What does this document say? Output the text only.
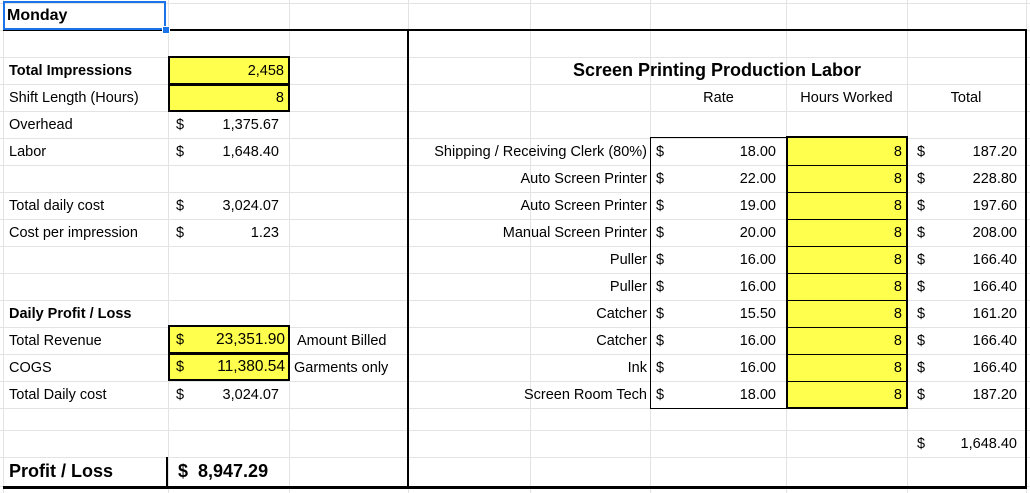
Monday
Total Impressions	2,458
Shift Length (Hours)	8
Overhead	$	1,375.67
Labor	$	1,648.40
Total daily cost	$	3,024.07
Cost per impression	$	1.23
Daily Profit / Loss
Total Revenue	$	23,351.90 Amount Billed
COGS	$	11,380.54 Garments only
Total Daily cost	$	3,024.07
Profit / Loss	$  8,947.29
Screen Printing Production Labor
Rate	Hours Worked	Total
Shipping / Receiving Clerk (80%) $	18.00	8 $	187.20
Auto Screen Printer $	22.00	8 $	228.80
Auto Screen Printer $	19.00	8 $	197.60
Manual Screen Printer $	20.00	8 $	208.00
Puller $	16.00	8 $	166.40
Puller $	16.00	8 $	166.40
Catcher $	15.50	8 $	161.20
Catcher $	16.00	8 $	166.40
Ink $	16.00	8 $	166.40
Screen Room Tech $	18.00	8 $	187.20
$	1,648.40
